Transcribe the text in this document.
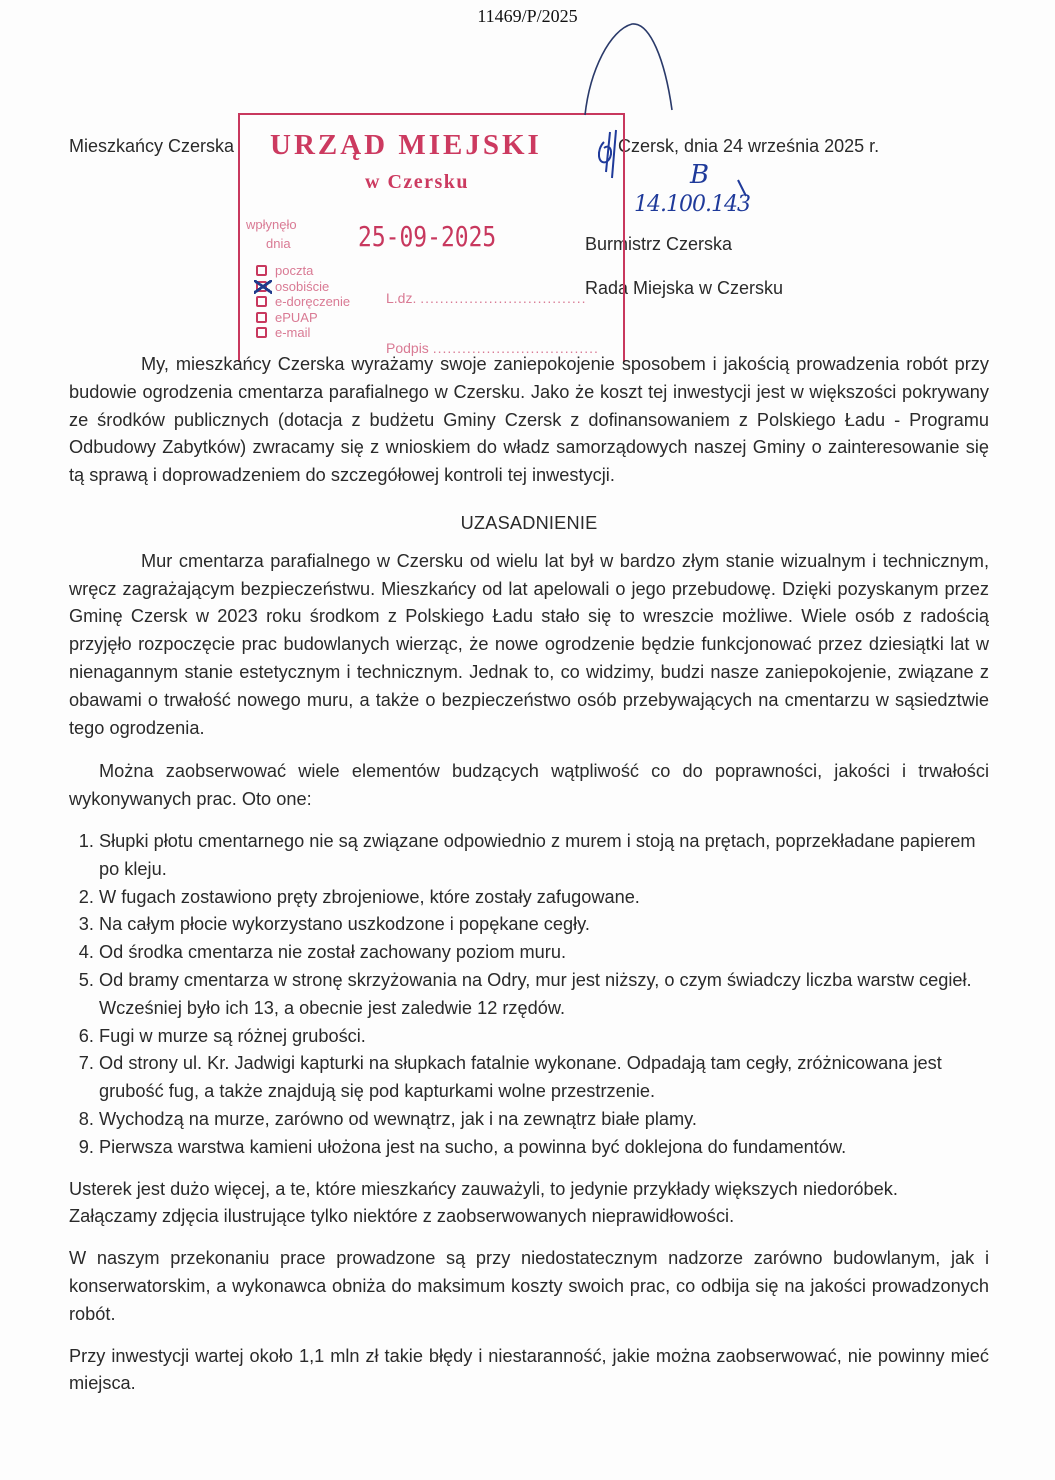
11469/P/2025
Mieszkańcy Czerska	Czersk, dnia 24 września 2025 r.
Burmistrz Czerska
Rada Miejska w Czersku
URZĄD MIEJSKI
w Czersku
wpłynęło
dnia 25-09-2025
poczta
osobiście
e-doręczenie
ePUAP
e-mail
L.dz. ..................................
Podpis ..................................
B
14.100.143

My, mieszkańcy Czerska wyrażamy swoje zaniepokojenie sposobem i jakością prowadzenia robót przy budowie ogrodzenia cmentarza parafialnego w Czersku. Jako że koszt tej inwestycji jest w większości pokrywany ze środków publicznych (dotacja z budżetu Gminy Czersk z dofinansowaniem z Polskiego Ładu - Programu Odbudowy Zabytków) zwracamy się z wnioskiem do władz samorządowych naszej Gminy o zainteresowanie się tą sprawą i doprowadzeniem do szczegółowej kontroli tej inwestycji.

UZASADNIENIE

Mur cmentarza parafialnego w Czersku od wielu lat był w bardzo złym stanie wizualnym i technicznym, wręcz zagrażającym bezpieczeństwu. Mieszkańcy od lat apelowali o jego przebudowę. Dzięki pozyskanym przez Gminę Czersk w 2023 roku środkom z Polskiego Ładu stało się to wreszcie możliwe. Wiele osób z radością przyjęło rozpoczęcie prac budowlanych wierząc, że nowe ogrodzenie będzie funkcjonować przez dziesiątki lat w nienagannym stanie estetycznym i technicznym. Jednak to, co widzimy, budzi nasze zaniepokojenie, związane z obawami o trwałość nowego muru, a także o bezpieczeństwo osób przebywających na cmentarzu w sąsiedztwie tego ogrodzenia.

Można zaobserwować wiele elementów budzących wątpliwość co do poprawności, jakości i trwałości wykonywanych prac. Oto one:

1. Słupki płotu cmentarnego nie są związane odpowiednio z murem i stoją na prętach, poprzekładane papierem po kleju.
2. W fugach zostawiono pręty zbrojeniowe, które zostały zafugowane.
3. Na całym płocie wykorzystano uszkodzone i popękane cegły.
4. Od środka cmentarza nie został zachowany poziom muru.
5. Od bramy cmentarza w stronę skrzyżowania na Odry, mur jest niższy, o czym świadczy liczba warstw cegieł. Wcześniej było ich 13, a obecnie jest zaledwie 12 rzędów.
6. Fugi w murze są różnej grubości.
7. Od strony ul. Kr. Jadwigi kapturki na słupkach fatalnie wykonane. Odpadają tam cegły, zróżnicowana jest grubość fug, a także znajdują się pod kapturkami wolne przestrzenie.
8. Wychodzą na murze, zarówno od wewnątrz, jak i na zewnątrz białe plamy.
9. Pierwsza warstwa kamieni ułożona jest na sucho, a powinna być doklejona do fundamentów.

Usterek jest dużo więcej, a te, które mieszkańcy zauważyli, to jedynie przykłady większych niedoróbek. Załączamy zdjęcia ilustrujące tylko niektóre z zaobserwowanych nieprawidłowości.

W naszym przekonaniu prace prowadzone są przy niedostatecznym nadzorze zarówno budowlanym, jak i konserwatorskim, a wykonawca obniża do maksimum koszty swoich prac, co odbija się na jakości prowadzonych robót.

Przy inwestycji wartej około 1,1 mln zł takie błędy i niestaranność, jakie można zaobserwować, nie powinny mieć miejsca.
